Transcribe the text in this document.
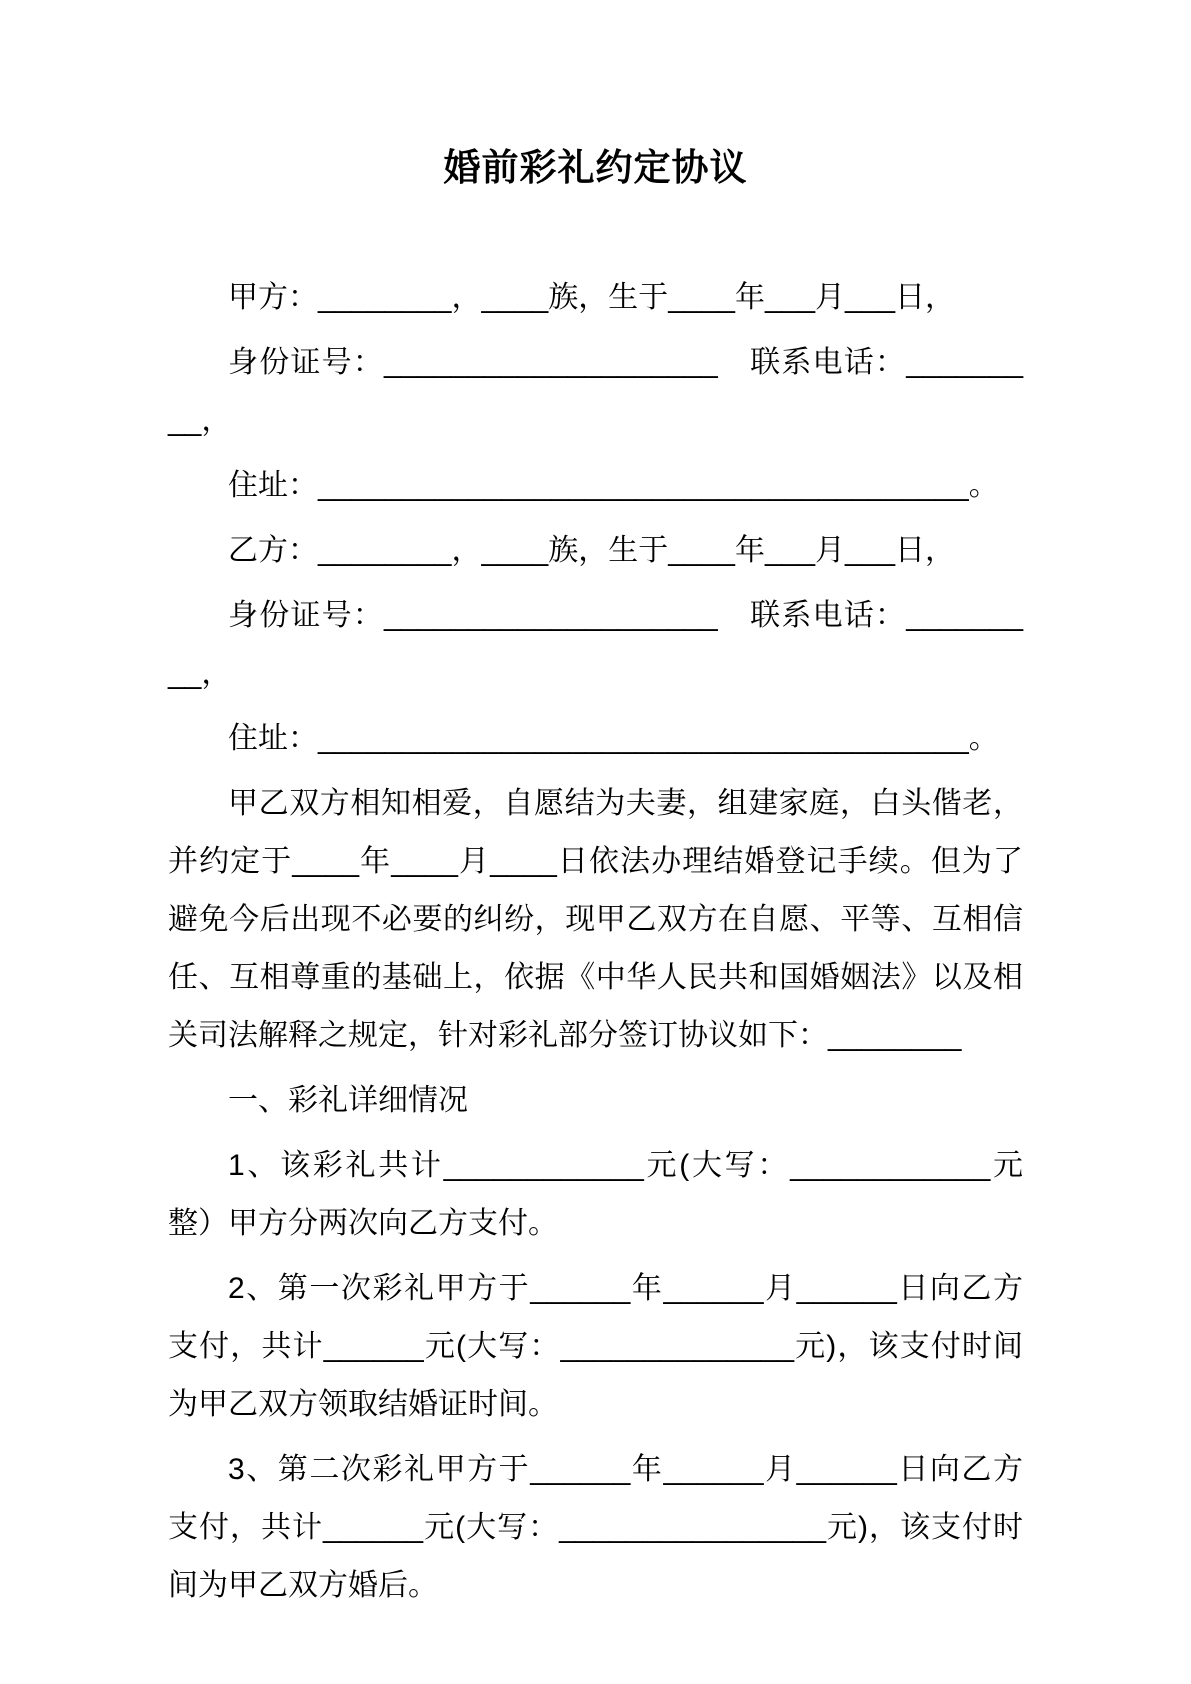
婚前彩礼约定协议

甲方：________，____族，生于____年___月___日，

身份证号：____________________　联系电话：_________，

住址：_______________________________________。

乙方：________，____族，生于____年___月___日，

身份证号：____________________　联系电话：_________，

住址：_______________________________________。

甲乙双方相知相爱，自愿结为夫妻，组建家庭，白头偕老，并约定于____年____月____日依法办理结婚登记手续。但为了避免今后出现不必要的纠纷，现甲乙双方在自愿、平等、互相信任、互相尊重的基础上，依据《中华人民共和国婚姻法》以及相关司法解释之规定，针对彩礼部分签订协议如下：________

一、彩礼详细情况

1、该彩礼共计____________元(大写：____________元整）甲方分两次向乙方支付。

2、第一次彩礼甲方于______年______月______日向乙方支付，共计______元(大写：______________元)，该支付时间为甲乙双方领取结婚证时间。

3、第二次彩礼甲方于______年______月______日向乙方支付，共计______元(大写：________________元)，该支付时间为甲乙双方婚后。
